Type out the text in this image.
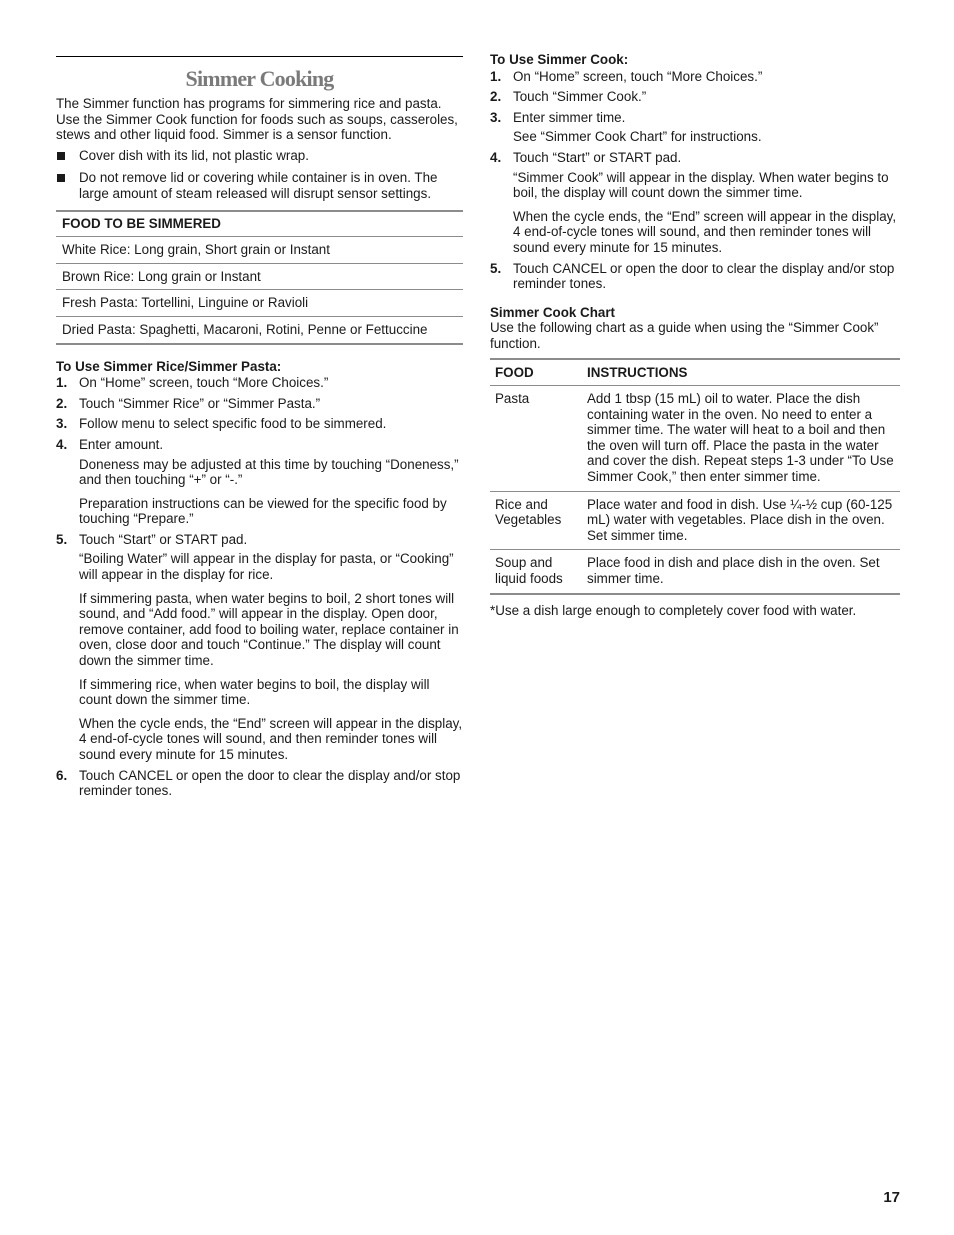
Simmer Cooking

The Simmer function has programs for simmering rice and pasta. Use the Simmer Cook function for foods such as soups, casseroles, stews and other liquid food. Simmer is a sensor function.

Cover dish with its lid, not plastic wrap.
Do not remove lid or covering while container is in oven. The large amount of steam released will disrupt sensor settings.
FOOD TO BE SIMMERED
White Rice: Long grain, Short grain or Instant
Brown Rice: Long grain or Instant
Fresh Pasta: Tortellini, Linguine or Ravioli
Dried Pasta: Spaghetti, Macaroni, Rotini, Penne or Fettuccine
To Use Simmer Rice/Simmer Pasta:
1. On “Home” screen, touch “More Choices.”
2. Touch “Simmer Rice” or “Simmer Pasta.”
3. Follow menu to select specific food to be simmered.
4. Enter amount.
Doneness may be adjusted at this time by touching “Doneness,” and then touching “+” or “-.”
Preparation instructions can be viewed for the specific food by touching “Prepare.”
5. Touch “Start” or START pad.
“Boiling Water” will appear in the display for pasta, or “Cooking” will appear in the display for rice.
If simmering pasta, when water begins to boil, 2 short tones will sound, and “Add food.” will appear in the display. Open door, remove container, add food to boiling water, replace container in oven, close door and touch “Continue.” The display will count down the simmer time.
If simmering rice, when water begins to boil, the display will count down the simmer time.
When the cycle ends, the “End” screen will appear in the display, 4 end-of-cycle tones will sound, and then reminder tones will sound every minute for 15 minutes.
6. Touch CANCEL or open the door to clear the display and/or stop reminder tones.
To Use Simmer Cook:
1. On “Home” screen, touch “More Choices.”
2. Touch “Simmer Cook.”
3. Enter simmer time.
See “Simmer Cook Chart” for instructions.
4. Touch “Start” or START pad.
“Simmer Cook” will appear in the display. When water begins to boil, the display will count down the simmer time.
When the cycle ends, the “End” screen will appear in the display, 4 end-of-cycle tones will sound, and then reminder tones will sound every minute for 15 minutes.
5. Touch CANCEL or open the door to clear the display and/or stop reminder tones.
Simmer Cook Chart

Use the following chart as a guide when using the “Simmer Cook” function.

FOOD	INSTRUCTIONS
Pasta	Add 1 tbsp (15 mL) oil to water. Place the dish containing water in the oven. No need to enter a simmer time. The water will heat to a boil and then the oven will turn off. Place the pasta in the water and cover the dish. Repeat steps 1-3 under “To Use Simmer Cook,” then enter simmer time.
Rice and Vegetables	Place water and food in dish. Use ¼-½ cup (60-125 mL) water with vegetables. Place dish in the oven. Set simmer time.
Soup and liquid foods	Place food in dish and place dish in the oven. Set simmer time.

*Use a dish large enough to completely cover food with water.

17
